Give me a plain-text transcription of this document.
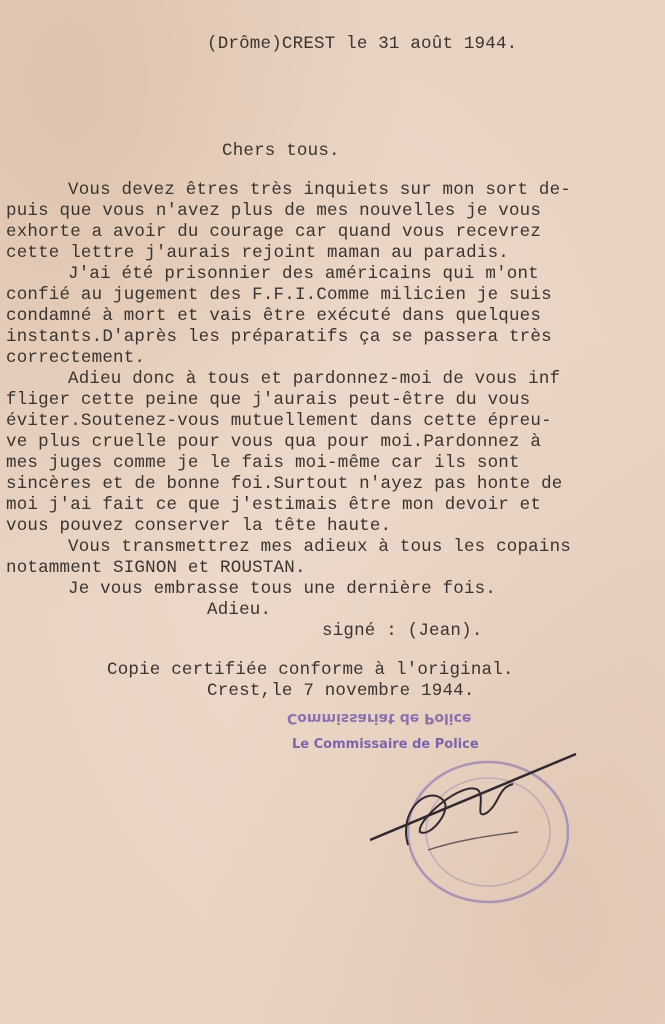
(Drôme)CREST le 31 août 1944.
Chers tous.
Vous devez êtres très inquiets sur mon sort de-
puis que vous n'avez plus de mes nouvelles je vous
exhorte a avoir du courage car quand vous recevrez
cette lettre j'aurais rejoint maman au paradis.
J'ai été prisonnier des américains qui m'ont
confié au jugement des F.F.I.Comme milicien je suis
condamné à mort et vais être exécuté dans quelques
instants.D'après les préparatifs ça se passera très
correctement.
Adieu donc à tous et pardonnez-moi de vous inf
fliger cette peine que j'aurais peut-être du vous
éviter.Soutenez-vous mutuellement dans cette épreu-
ve plus cruelle pour vous qua pour moi.Pardonnez à
mes juges comme je le fais moi-même car ils sont
sincères et de bonne foi.Surtout n'ayez pas honte de
moi j'ai fait ce que j'estimais être mon devoir et
vous pouvez conserver la tête haute.
Vous transmettrez mes adieux à tous les copains
notamment SIGNON et ROUSTAN.
Je vous embrasse tous une dernière fois.
Adieu.
signé : (Jean).
Copie certifiée conforme à l'original.
Crest,le 7 novembre 1944.
Commissariat de Police
Le Commissaire de Police
